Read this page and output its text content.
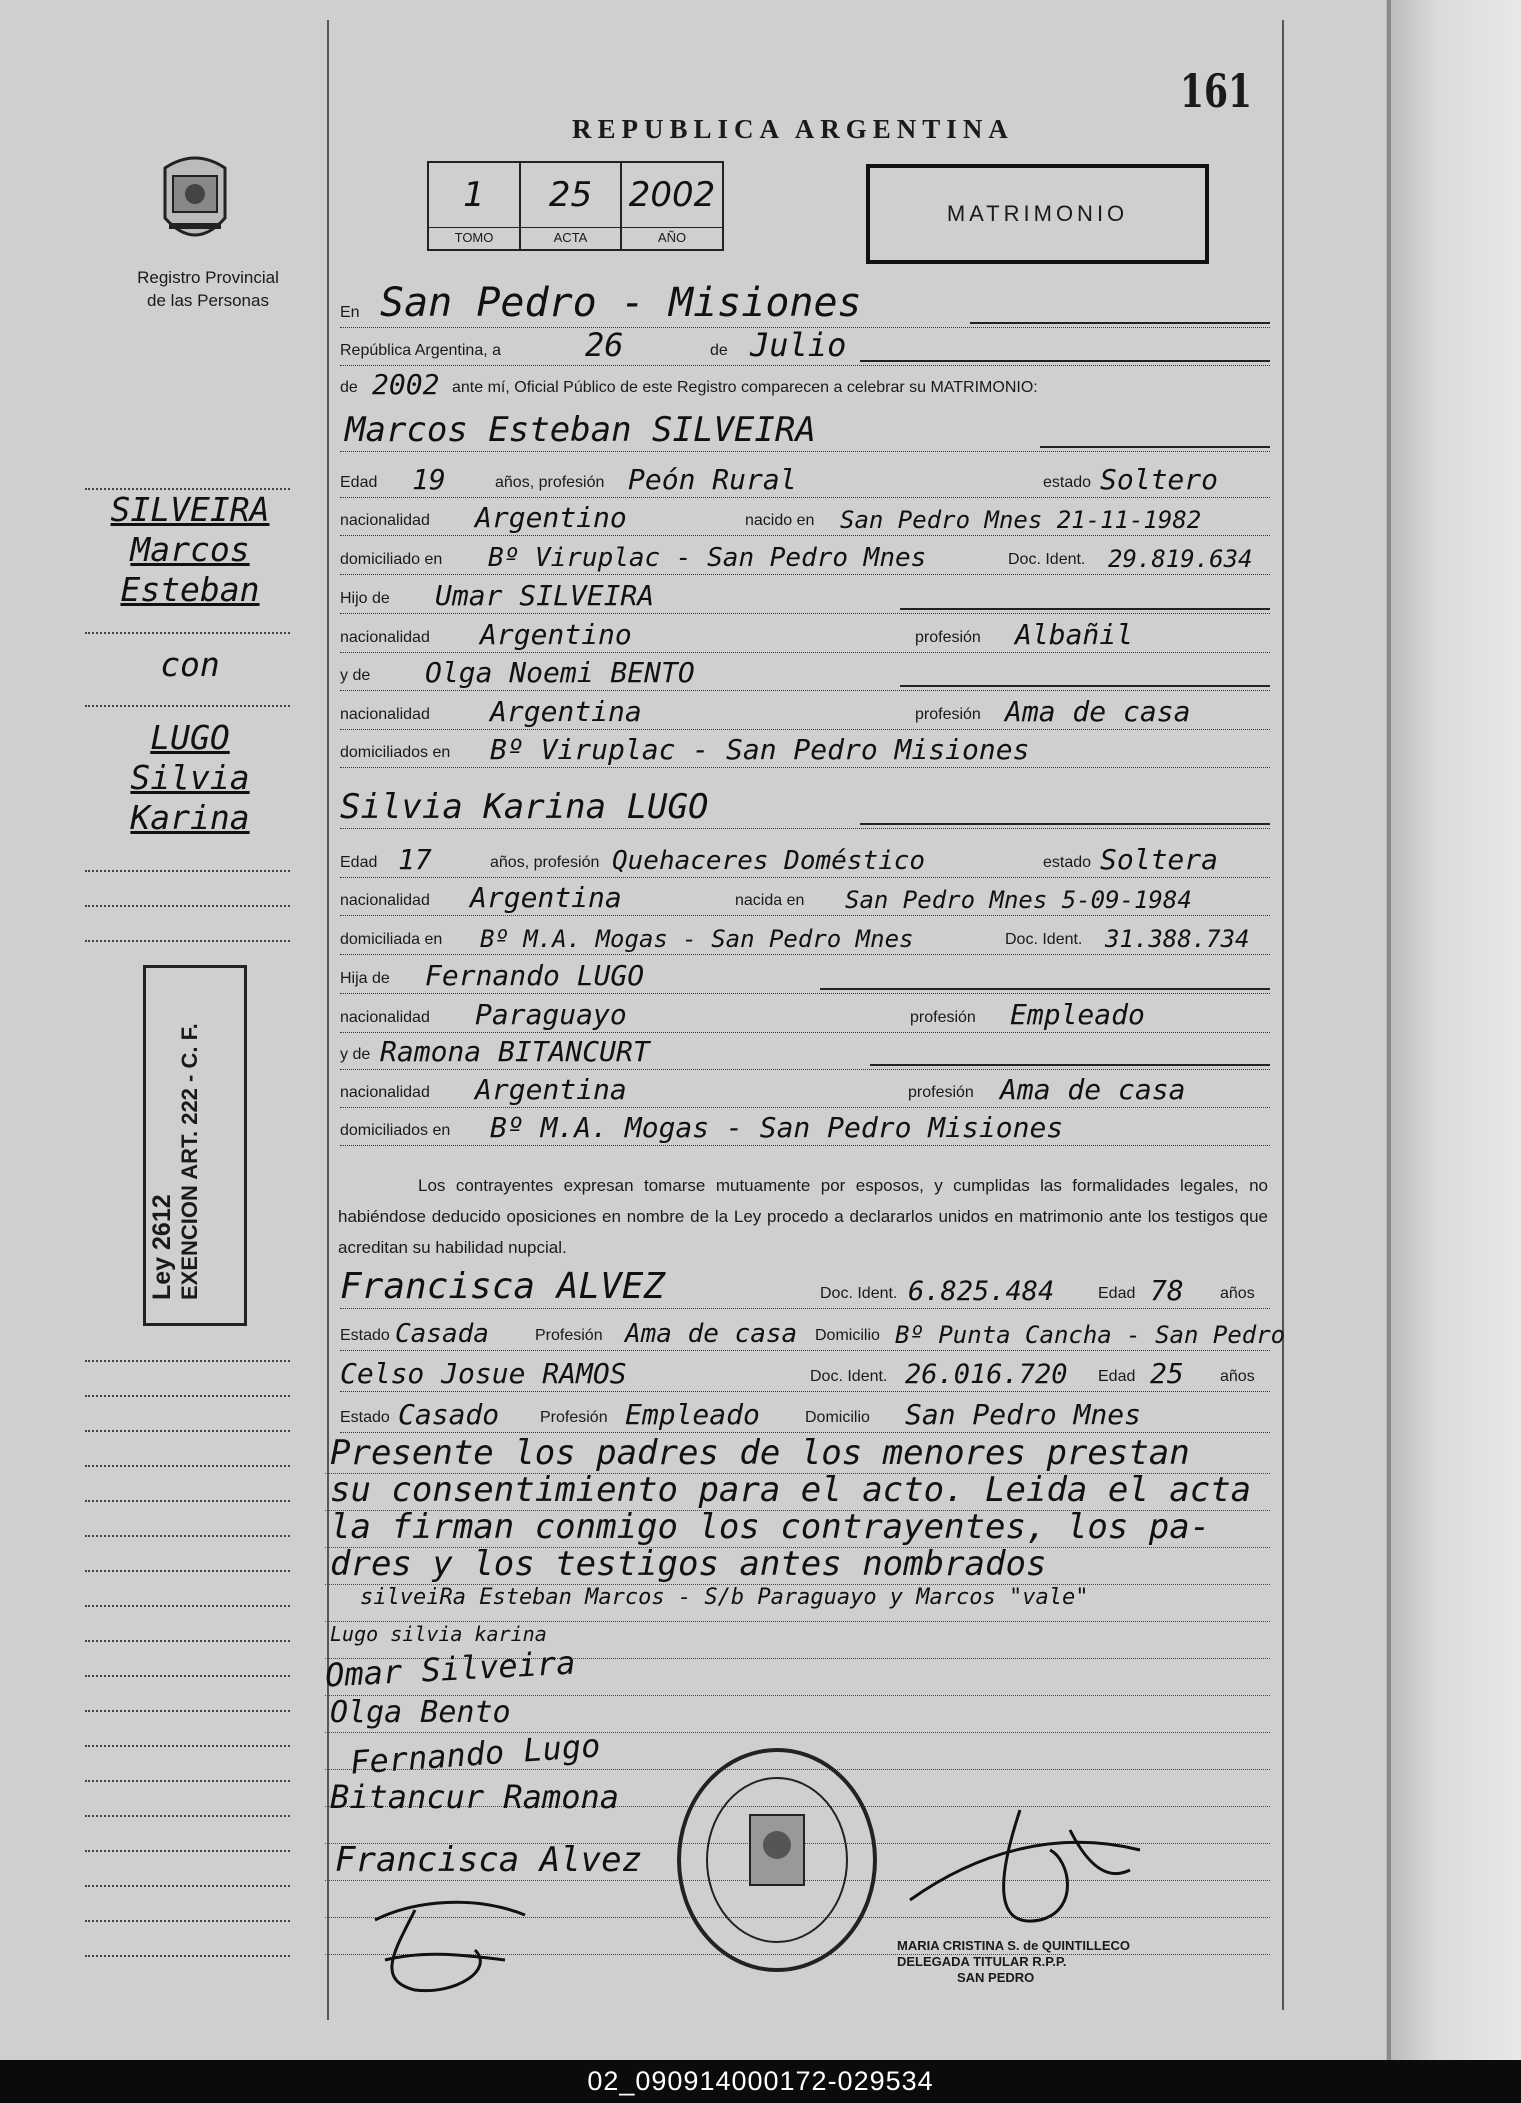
161
REPUBLICA ARGENTINA
Registro Provincial
de las Personas
1
TOMO
25
ACTA
2002
AÑO
MATRIMONIO
SILVEIRA
Marcos
Esteban
con
LUGO
Silvia
Karina
Ley 2612 EXENCION ART. 222 - C. F.
En San Pedro - Misiones
República Argentina, a	26	de Julio
de 2002 ante mí, Oficial Público de este Registro comparecen a celebrar su MATRIMONIO:
Marcos Esteban SILVEIRA
Edad 19	años, profesión Peón Rural	estado Soltero
nacionalidad Argentino	nacido en San Pedro Mnes 21-11-1982
domiciliado en Bº Viruplac - San Pedro Mnes	Doc. Ident. 29.819.634
Hijo de Umar SILVEIRA
nacionalidad Argentino	profesión Albañil
y de Olga Noemi BENTO
nacionalidad Argentina	profesión Ama de casa
domiciliados en Bº Viruplac - San Pedro Misiones
Silvia Karina LUGO
Edad 17	años, profesión Quehaceres Doméstico	estado Soltera
nacionalidad Argentina	nacida en San Pedro Mnes 5-09-1984
domiciliada en Bº M.A. Mogas - San Pedro Mnes	Doc. Ident. 31.388.734
Hija de Fernando LUGO
nacionalidad Paraguayo	profesión Empleado
y de Ramona BITANCURT
nacionalidad Argentina	profesión Ama de casa
domiciliados en Bº M.A. Mogas - San Pedro Misiones
Los contrayentes expresan tomarse mutuamente por esposos, y cumplidas las formalidades legales, no habiéndose deducido oposiciones en nombre de la Ley procedo a declararlos unidos en matrimonio ante los testigos que acreditan su habilidad nupcial.
Francisca ALVEZ	Doc. Ident. 6.825.484	Edad 78 años
Estado Casada	Profesión Ama de casa Domicilio Bº Punta Cancha - San Pedro
Celso Josue RAMOS	Doc. Ident. 26.016.720 Edad 25 años
Estado Casado	Profesión Empleado	Domicilio San Pedro Mnes
Presente los padres de los menores prestan
su consentimiento para el acto. Leida el acta
la firman conmigo los contrayentes, los pa-
dres y los testigos antes nombrados
silveiRa Esteban Marcos - S/b Paraguayo y Marcos "vale"
Lugo silvia karina
Omar Silveira
Olga Bento
Fernando Lugo
Bitancur Ramona
Francisca Alvez
MARIA CRISTINA S. de QUINTILLECO
DELEGADA TITULAR R.P.P.
SAN PEDRO
02_090914000172-029534
